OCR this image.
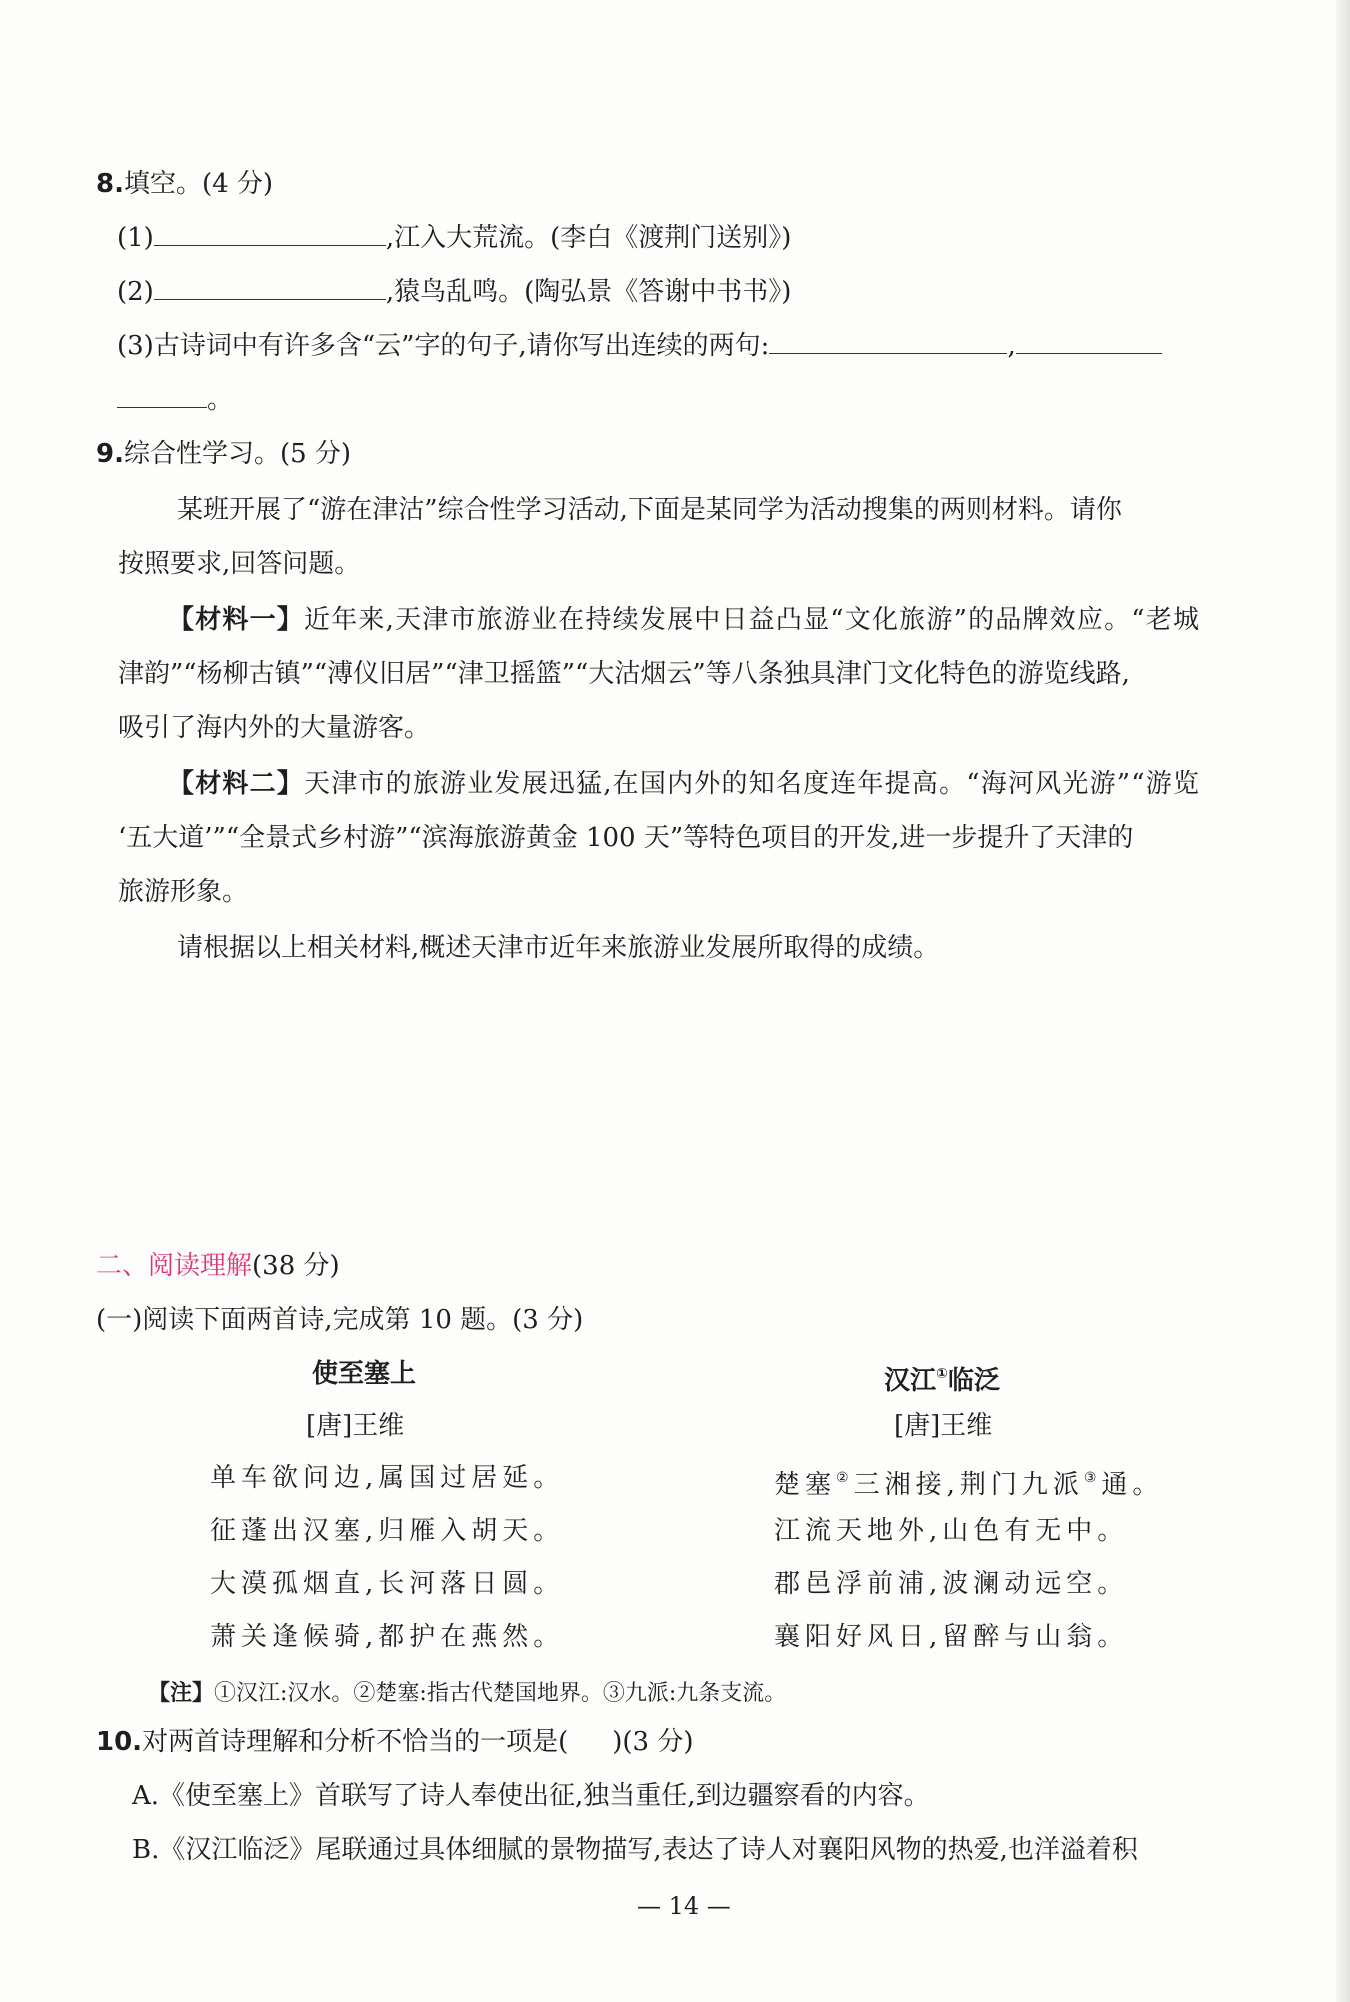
8.填空。(4 分)
(1)	,江入大荒流。(李白《渡荆门送别》)
(2)	,猿鸟乱鸣。(陶弘景《答谢中书书》)
(3)古诗词中有许多含“云”字的句子,请你写出连续的两句:	,
。
9.综合性学习。(5 分)
某班开展了“游在津沽”综合性学习活动,下面是某同学为活动搜集的两则材料。请你
按照要求,回答问题。
【材料一】近年来,天津市旅游业在持续发展中日益凸显“文化旅游”的品牌效应。“老城
津韵”“杨柳古镇”“溥仪旧居”“津卫摇篮”“大沽烟云”等八条独具津门文化特色的游览线路,
吸引了海内外的大量游客。
【材料二】天津市的旅游业发展迅猛,在国内外的知名度连年提高。“海河风光游”“游览
‘五大道’”“全景式乡村游”“滨海旅游黄金 100 天”等特色项目的开发,进一步提升了天津的
旅游形象。
请根据以上相关材料,概述天津市近年来旅游业发展所取得的成绩。
二、阅读理解(38 分)
(一)阅读下面两首诗,完成第 10 题。(3 分)
使至塞上
[唐]王维
单车欲问边,属国过居延。
征蓬出汉塞,归雁入胡天。
大漠孤烟直,长河落日圆。
萧关逢候骑,都护在燕然。
汉江①临泛
[唐]王维
楚塞②三湘接,荆门九派③通。
江流天地外,山色有无中。
郡邑浮前浦,波澜动远空。
襄阳好风日,留醉与山翁。
【注】①汉江:汉水。②楚塞:指古代楚国地界。③九派:九条支流。
10.对两首诗理解和分析不恰当的一项是( )(3 分)
A.《使至塞上》首联写了诗人奉使出征,独当重任,到边疆察看的内容。
B.《汉江临泛》尾联通过具体细腻的景物描写,表达了诗人对襄阳风物的热爱,也洋溢着积
— 14 —
